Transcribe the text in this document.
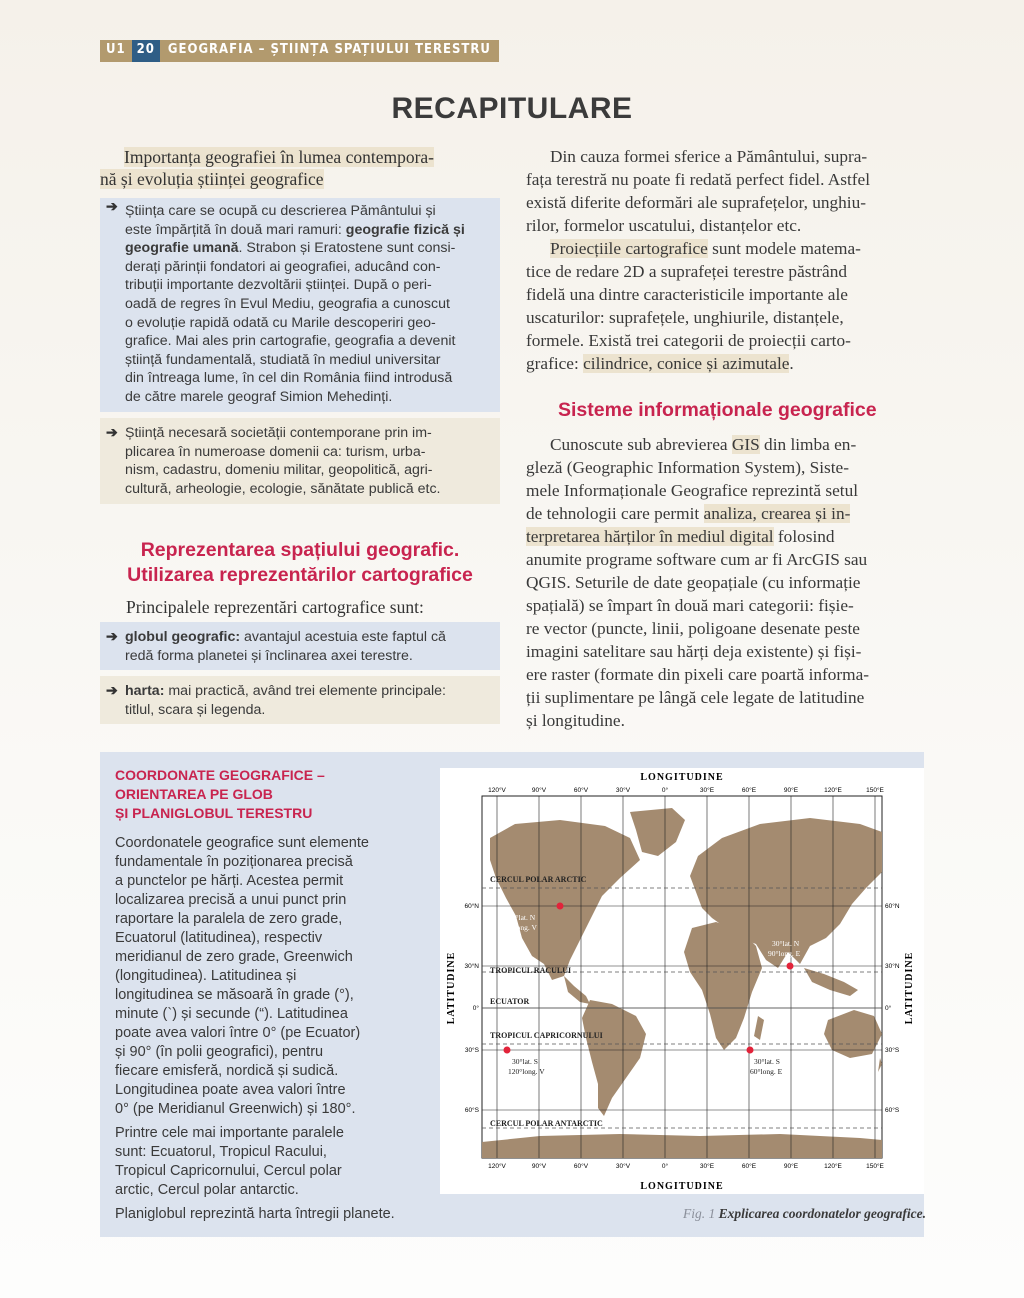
U1 20	GEOGRAFIA – ȘTIINȚA SPAȚIULUI TERESTRU
RECAPITULARE
Importanța geografiei în lumea contempora-
nă și evoluția științei geografice
➔ Știința care se ocupă cu descrierea Pământului și
este împărțită în două mari ramuri: geografie fizică și
geografie umană. Strabon și Eratostene sunt consi-
derați părinții fondatori ai geografiei, aducând con-
tribuții importante dezvoltării științei. După o peri-
oadă de regres în Evul Mediu, geografia a cunoscut
o evoluție rapidă odată cu Marile descoperiri geo-
grafice. Mai ales prin cartografie, geografia a devenit
știință fundamentală, studiată în mediul universitar
din întreaga lume, în cel din România fiind introdusă
de către marele geograf Simion Mehedinți.
➔ Știință necesară societății contemporane prin im-
plicarea în numeroase domenii ca: turism, urba-
nism, cadastru, domeniu militar, geopolitică, agri-
cultură, arheologie, ecologie, sănătate publică etc.
Reprezentarea spațiului geografic.
Utilizarea reprezentărilor cartografice
Principalele reprezentări cartografice sunt:
➔ globul geografic: avantajul acestuia este faptul că
redă forma planetei și înclinarea axei terestre.
➔ harta: mai practică, având trei elemente principale:
titlul, scara și legenda.
Din cauza formei sferice a Pământului, supra-
fața terestră nu poate fi redată perfect fidel. Astfel
există diferite deformări ale suprafețelor, unghiu-
rilor, formelor uscatului, distanțelor etc.
Proiecțiile cartografice sunt modele matema-
tice de redare 2D a suprafeței terestre păstrând
fidelă una dintre caracteristicile importante ale
uscaturilor: suprafețele, unghiurile, distanțele,
formele. Există trei categorii de proiecții carto-
grafice: cilindrice, conice și azimutale.
Sisteme informaționale geografice
Cunoscute sub abrevierea GIS din limba en-
gleză (Geographic Information System), Siste-
mele Informaționale Geografice reprezintă setul
de tehnologii care permit analiza, crearea și in-
terpretarea hărților în mediul digital folosind
anumite programe software cum ar fi ArcGIS sau
QGIS. Seturile de date geopațiale (cu informație
spațială) se împart în două mari categorii: fișie-
re vector (puncte, linii, poligoane desenate peste
imagini satelitare sau hărți deja existente) și fiși-
ere raster (formate din pixeli care poartă informa-
ții suplimentare pe lângă cele legate de latitudine
și longitudine.
COORDONATE GEOGRAFICE –
ORIENTAREA PE GLOB
ȘI PLANIGLOBUL TERESTRU

Coordonatele geografice sunt elemente
fundamentale în poziționarea precisă
a punctelor pe hărți. Acestea permit
localizarea precisă a unui punct prin
raportare la paralela de zero grade,
Ecuatorul (latitudinea), respectiv
meridianul de zero grade, Greenwich
(longitudinea). Latitudinea și
longitudinea se măsoară în grade (°),
minute (`) și secunde (“). Latitudinea
poate avea valori între 0° (pe Ecuator)
și 90° (în polii geografici), pentru
fiecare emisferă, nordică și sudică.
Longitudinea poate avea valori între
0° (pe Meridianul Greenwich) și 180°.

Printre cele mai importante paralele
sunt: Ecuatorul, Tropicul Racului,
Tropicul Capricornului, Cercul polar
arctic, Cercul polar antarctic.

Planiglobul reprezintă harta întregii planete.

CERCUL POLAR ARCTIC
TROPICUL RACULUI
ECUATOR
TROPICUL CAPRICORNULUI
CERCUL POLAR ANTARCTIC
120°V
120°V
90°V
90°V
60°V
60°V
30°V
30°V
0°
0°
30°E
30°E
60°E
60°E
90°E
90°E
120°E
120°E
150°E
150°E
60°N	60°N
30°N	30°N
0°	0°
30°S	30°S
60°S	60°S
60°lat. N
90°long. V
30°lat. N
90°long. E
30°lat. S
120°long. V
30°lat. S
60°long. E
LONGITUDINE
LONGITUDINE
LATITUDINE	LATITUDINE
Fig. 1 Explicarea coordonatelor geografice.
